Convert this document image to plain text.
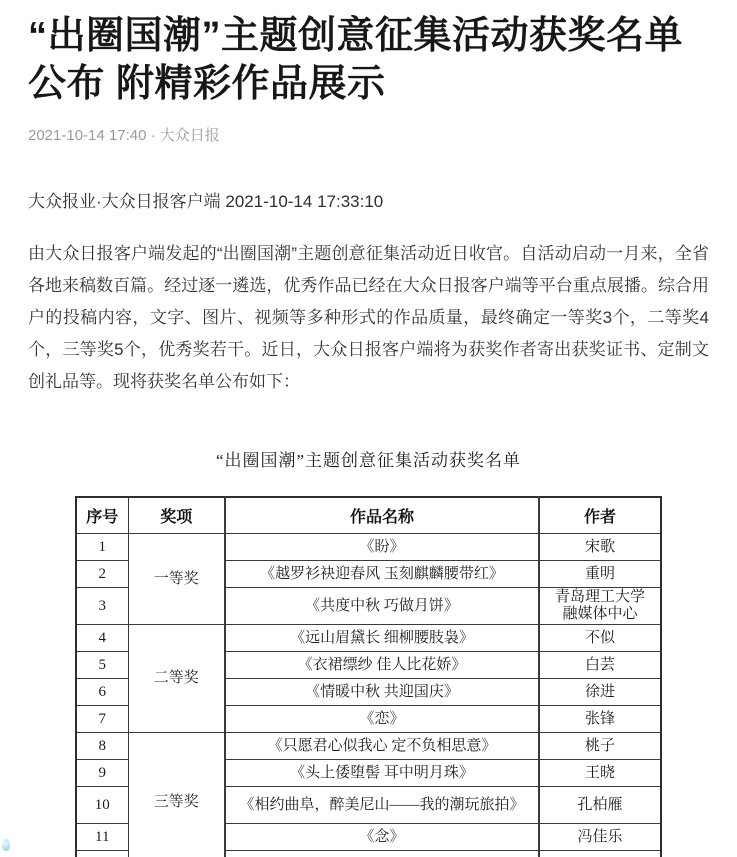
“出圈国潮”主题创意征集活动获奖名单
公布 附精彩作品展示
2021-10-14 17:40 · 大众日报
大众报业·大众日报客户端 2021-10-14 17:33:10
由大众日报客户端发起的“出圈国潮”主题创意征集活动近日收官。自活动启动一月来，全省各地来稿数百篇。经过逐一遴选，优秀作品已经在大众日报客户端等平台重点展播。综合用户的投稿内容，文字、图片、视频等多种形式的作品质量，最终确定一等奖3个，二等奖4个，三等奖5个，优秀奖若干。近日，大众日报客户端将为获奖作者寄出获奖证书、定制文创礼品等。现将获奖名单公布如下：
“出圈国潮”主题创意征集活动获奖名单
序号	奖项	作品名称	作者
1	一等奖	《盼》	宋歌
2		《越罗衫袂迎春风 玉刻麒麟腰带红》	重明
3		《共度中秋 巧做月饼》	青岛理工大学融媒体中心
4	二等奖	《远山眉黛长 细柳腰肢袅》	不似
5		《衣裙缥纱 佳人比花娇》	白芸
6		《情暖中秋 共迎国庆》	徐进
7		《恋》	张锋
8	三等奖	《只愿君心似我心 定不负相思意》	桃子
9		《头上倭堕髻 耳中明月珠》	王晓
10		《相约曲阜，醉美尼山——我的潮玩旅拍》	孔柏雁
11		《念》	冯佳乐
